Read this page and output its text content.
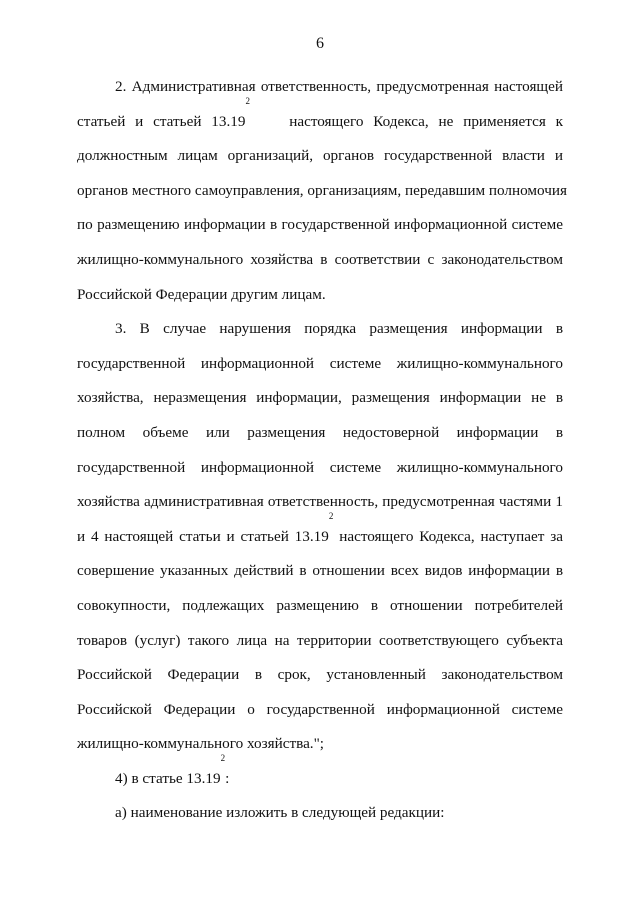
6
2. Административная ответственность, предусмотренная настоящей
статьей и статьей 13.19$^2$    настоящего Кодекса, не применяется к
должностным лицам организаций, органов государственной власти и
органов местного самоуправления, организациям, передавшим полномочия
по размещению информации в государственной информационной системе
жилищно-коммунального хозяйства в соответствии с законодательством
Российской Федерации другим лицам.
3. В случае нарушения порядка размещения информации в
государственной информационной системе жилищно-коммунального
хозяйства, неразмещения информации, размещения информации не в
полном объеме или размещения недостоверной информации в
государственной информационной системе жилищно-коммунального
хозяйства административная ответственность, предусмотренная частями 1
и 4 настоящей статьи и статьей 13.19$^2$ настоящего Кодекса, наступает за
совершение указанных действий в отношении всех видов информации в
совокупности, подлежащих размещению в отношении потребителей
товаров (услуг) такого лица на территории соответствующего субъекта
Российской Федерации в срок, установленный законодательством
Российской Федерации о государственной информационной системе
жилищно-коммунального хозяйства.";
4) в статье 13.19$^2$:
а) наименование изложить в следующей редакции:
